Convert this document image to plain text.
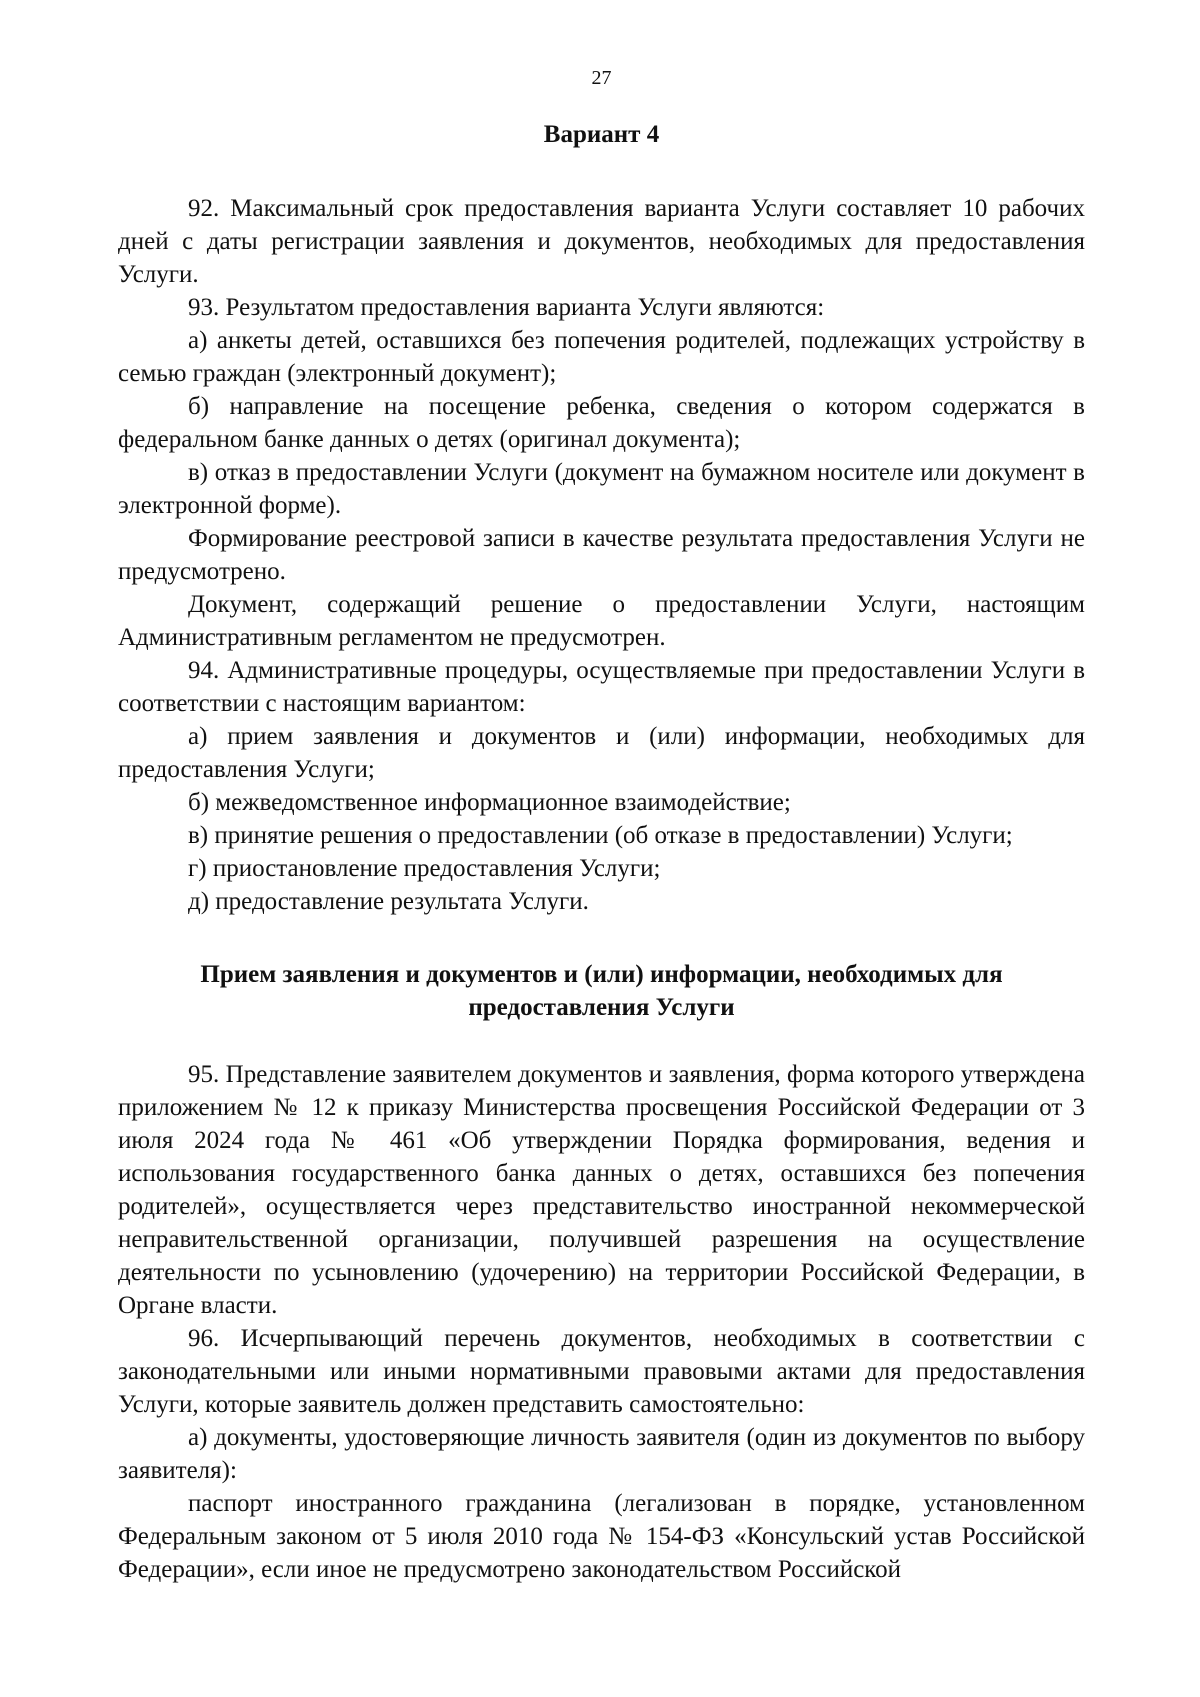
27
Вариант 4

92. Максимальный срок предоставления варианта Услуги составляет 10 рабочих дней с даты регистрации заявления и документов, необходимых для предоставления Услуги.

93. Результатом предоставления варианта Услуги являются:

а) анкеты детей, оставшихся без попечения родителей, подлежащих устройству в семью граждан (электронный документ);

б) направление на посещение ребенка, сведения о котором содержатся в федеральном банке данных о детях (оригинал документа);

в) отказ в предоставлении Услуги (документ на бумажном носителе или документ в электронной форме).

Формирование реестровой записи в качестве результата предоставления Услуги не предусмотрено.

Документ, содержащий решение о предоставлении Услуги, настоящим Административным регламентом не предусмотрен.

94. Административные процедуры, осуществляемые при предоставлении Услуги в соответствии с настоящим вариантом:

а) прием заявления и документов и (или) информации, необходимых для предоставления Услуги;

б) межведомственное информационное взаимодействие;

в) принятие решения о предоставлении (об отказе в предоставлении) Услуги;

г) приостановление предоставления Услуги;

д) предоставление результата Услуги.

Прием заявления и документов и (или) информации, необходимых для
предоставления Услуги

95. Представление заявителем документов и заявления, форма которого утверждена приложением № 12 к приказу Министерства просвещения Российской Федерации от 3 июля 2024 года № 461 «Об утверждении Порядка формирования, ведения и использования государственного банка данных о детях, оставшихся без попечения родителей», осуществляется через представительство иностранной некоммерческой неправительственной организации, получившей разрешения на осуществление деятельности по усыновлению (удочерению) на территории Российской Федерации, в Органе власти.

96. Исчерпывающий перечень документов, необходимых в соответствии с законодательными или иными нормативными правовыми актами для предоставления Услуги, которые заявитель должен представить самостоятельно:

а) документы, удостоверяющие личность заявителя (один из документов по выбору заявителя):

паспорт иностранного гражданина (легализован в порядке, установленном Федеральным законом от 5 июля 2010 года № 154-ФЗ «Консульский устав Российской Федерации», если иное не предусмотрено законодательством Российской
